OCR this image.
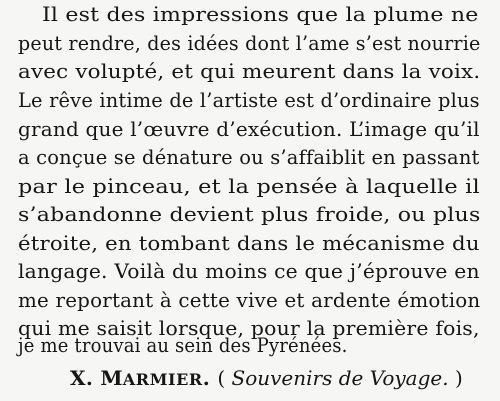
Il est des impressions que la plume ne
peut rendre, des idées dont l’ame s’est nourrie
avec volupté, et qui meurent dans la voix.
Le rêve intime de l’artiste est d’ordinaire plus
grand que l’œuvre d’exécution. L’image qu’il
a conçue se dénature ou s’affaiblit en passant
par le pinceau, et la pensée à laquelle il
s’abandonne devient plus froide, ou plus
étroite, en tombant dans le mécanisme du
langage. Voilà du moins ce que j’éprouve en
me reportant à cette vive et ardente émotion
qui me saisit lorsque, pour la première fois,
je me trouvai au sein des Pyrénées.
X. MARMIER. ( Souvenirs de Voyage. )
